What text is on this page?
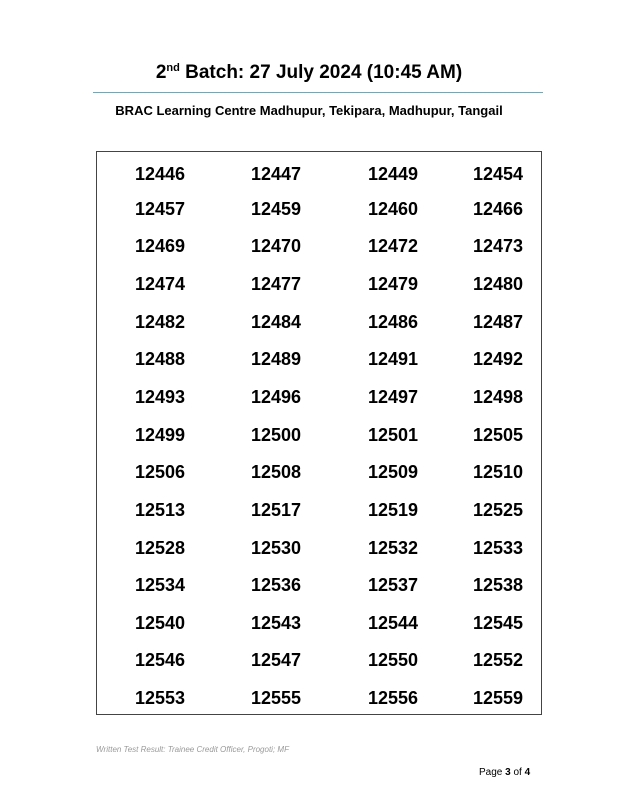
2nd Batch: 27 July 2024 (10:45 AM)
BRAC Learning Centre Madhupur, Tekipara, Madhupur, Tangail
12446	12447	12449	12454
12457	12459	12460	12466
12469	12470	12472	12473
12474	12477	12479	12480
12482	12484	12486	12487
12488	12489	12491	12492
12493	12496	12497	12498
12499	12500	12501	12505
12506	12508	12509	12510
12513	12517	12519	12525
12528	12530	12532	12533
12534	12536	12537	12538
12540	12543	12544	12545
12546	12547	12550	12552
12553	12555	12556	12559
Written Test Result: Trainee Credit Officer, Progoti; MF
Page 3 of 4
